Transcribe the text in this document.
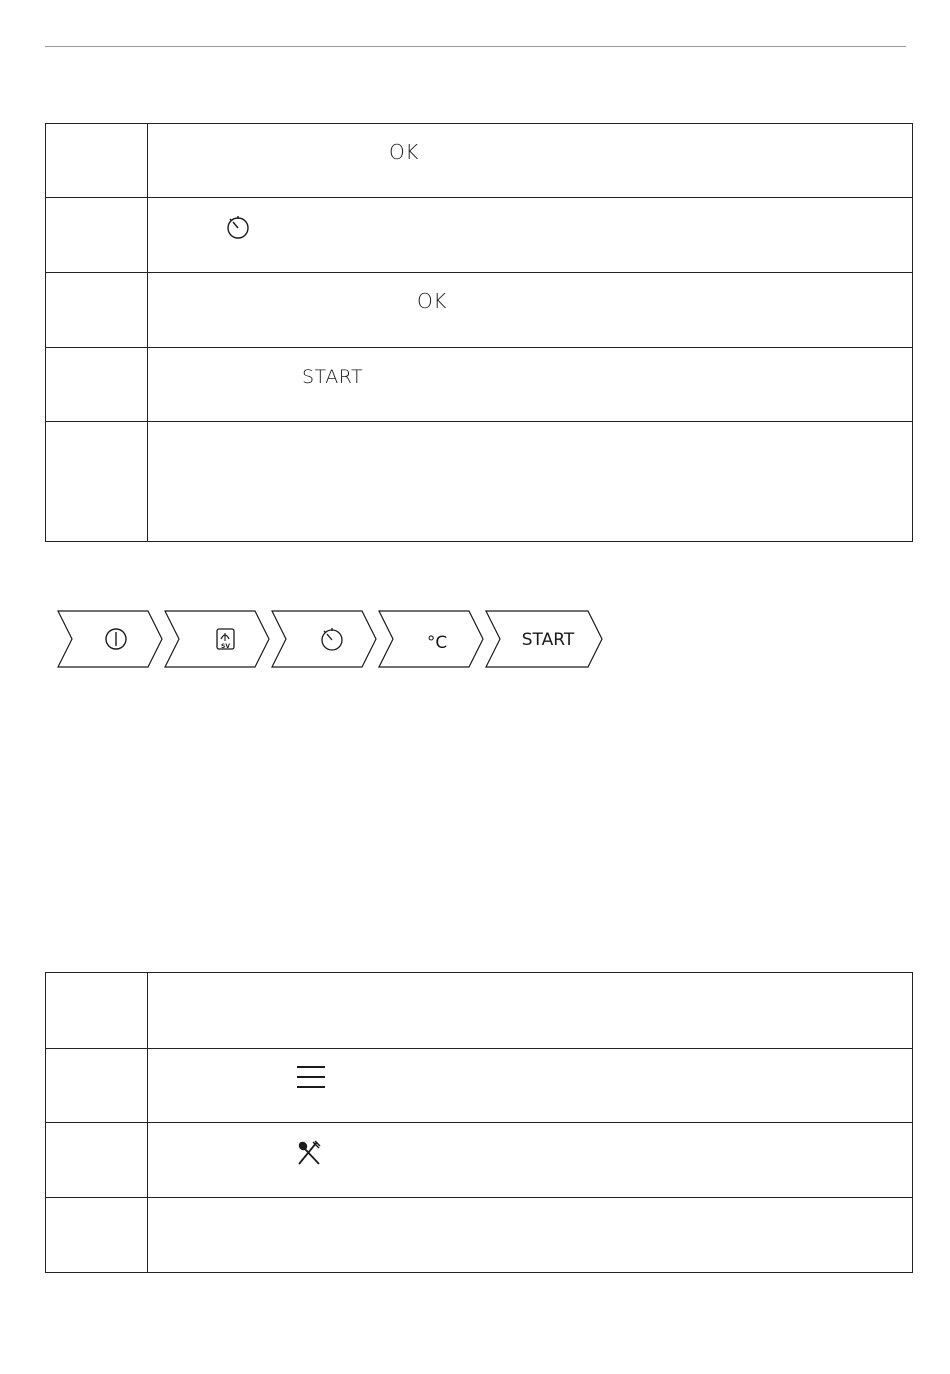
	OK

	OK

	START

SV	°C	START
